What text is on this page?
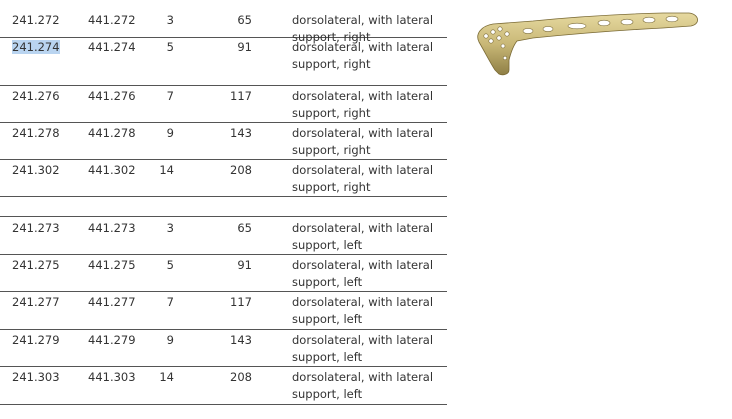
241.272 441.272	3	65	dorsolateral, with lateral
support, right
241.274 441.274	5	91	dorsolateral, with lateral
support, right
241.276 441.276	7	117	dorsolateral, with lateral
support, right
241.278 441.278	9	143	dorsolateral, with lateral
support, right
241.302 441.302	14	208	dorsolateral, with lateral
support, right
241.273 441.273	3	65	dorsolateral, with lateral
support, left
241.275 441.275	5	91	dorsolateral, with lateral
support, left
241.277 441.277	7	117	dorsolateral, with lateral
support, left
241.279 441.279	9	143	dorsolateral, with lateral
support, left
241.303 441.303	14	208	dorsolateral, with lateral
support, left
